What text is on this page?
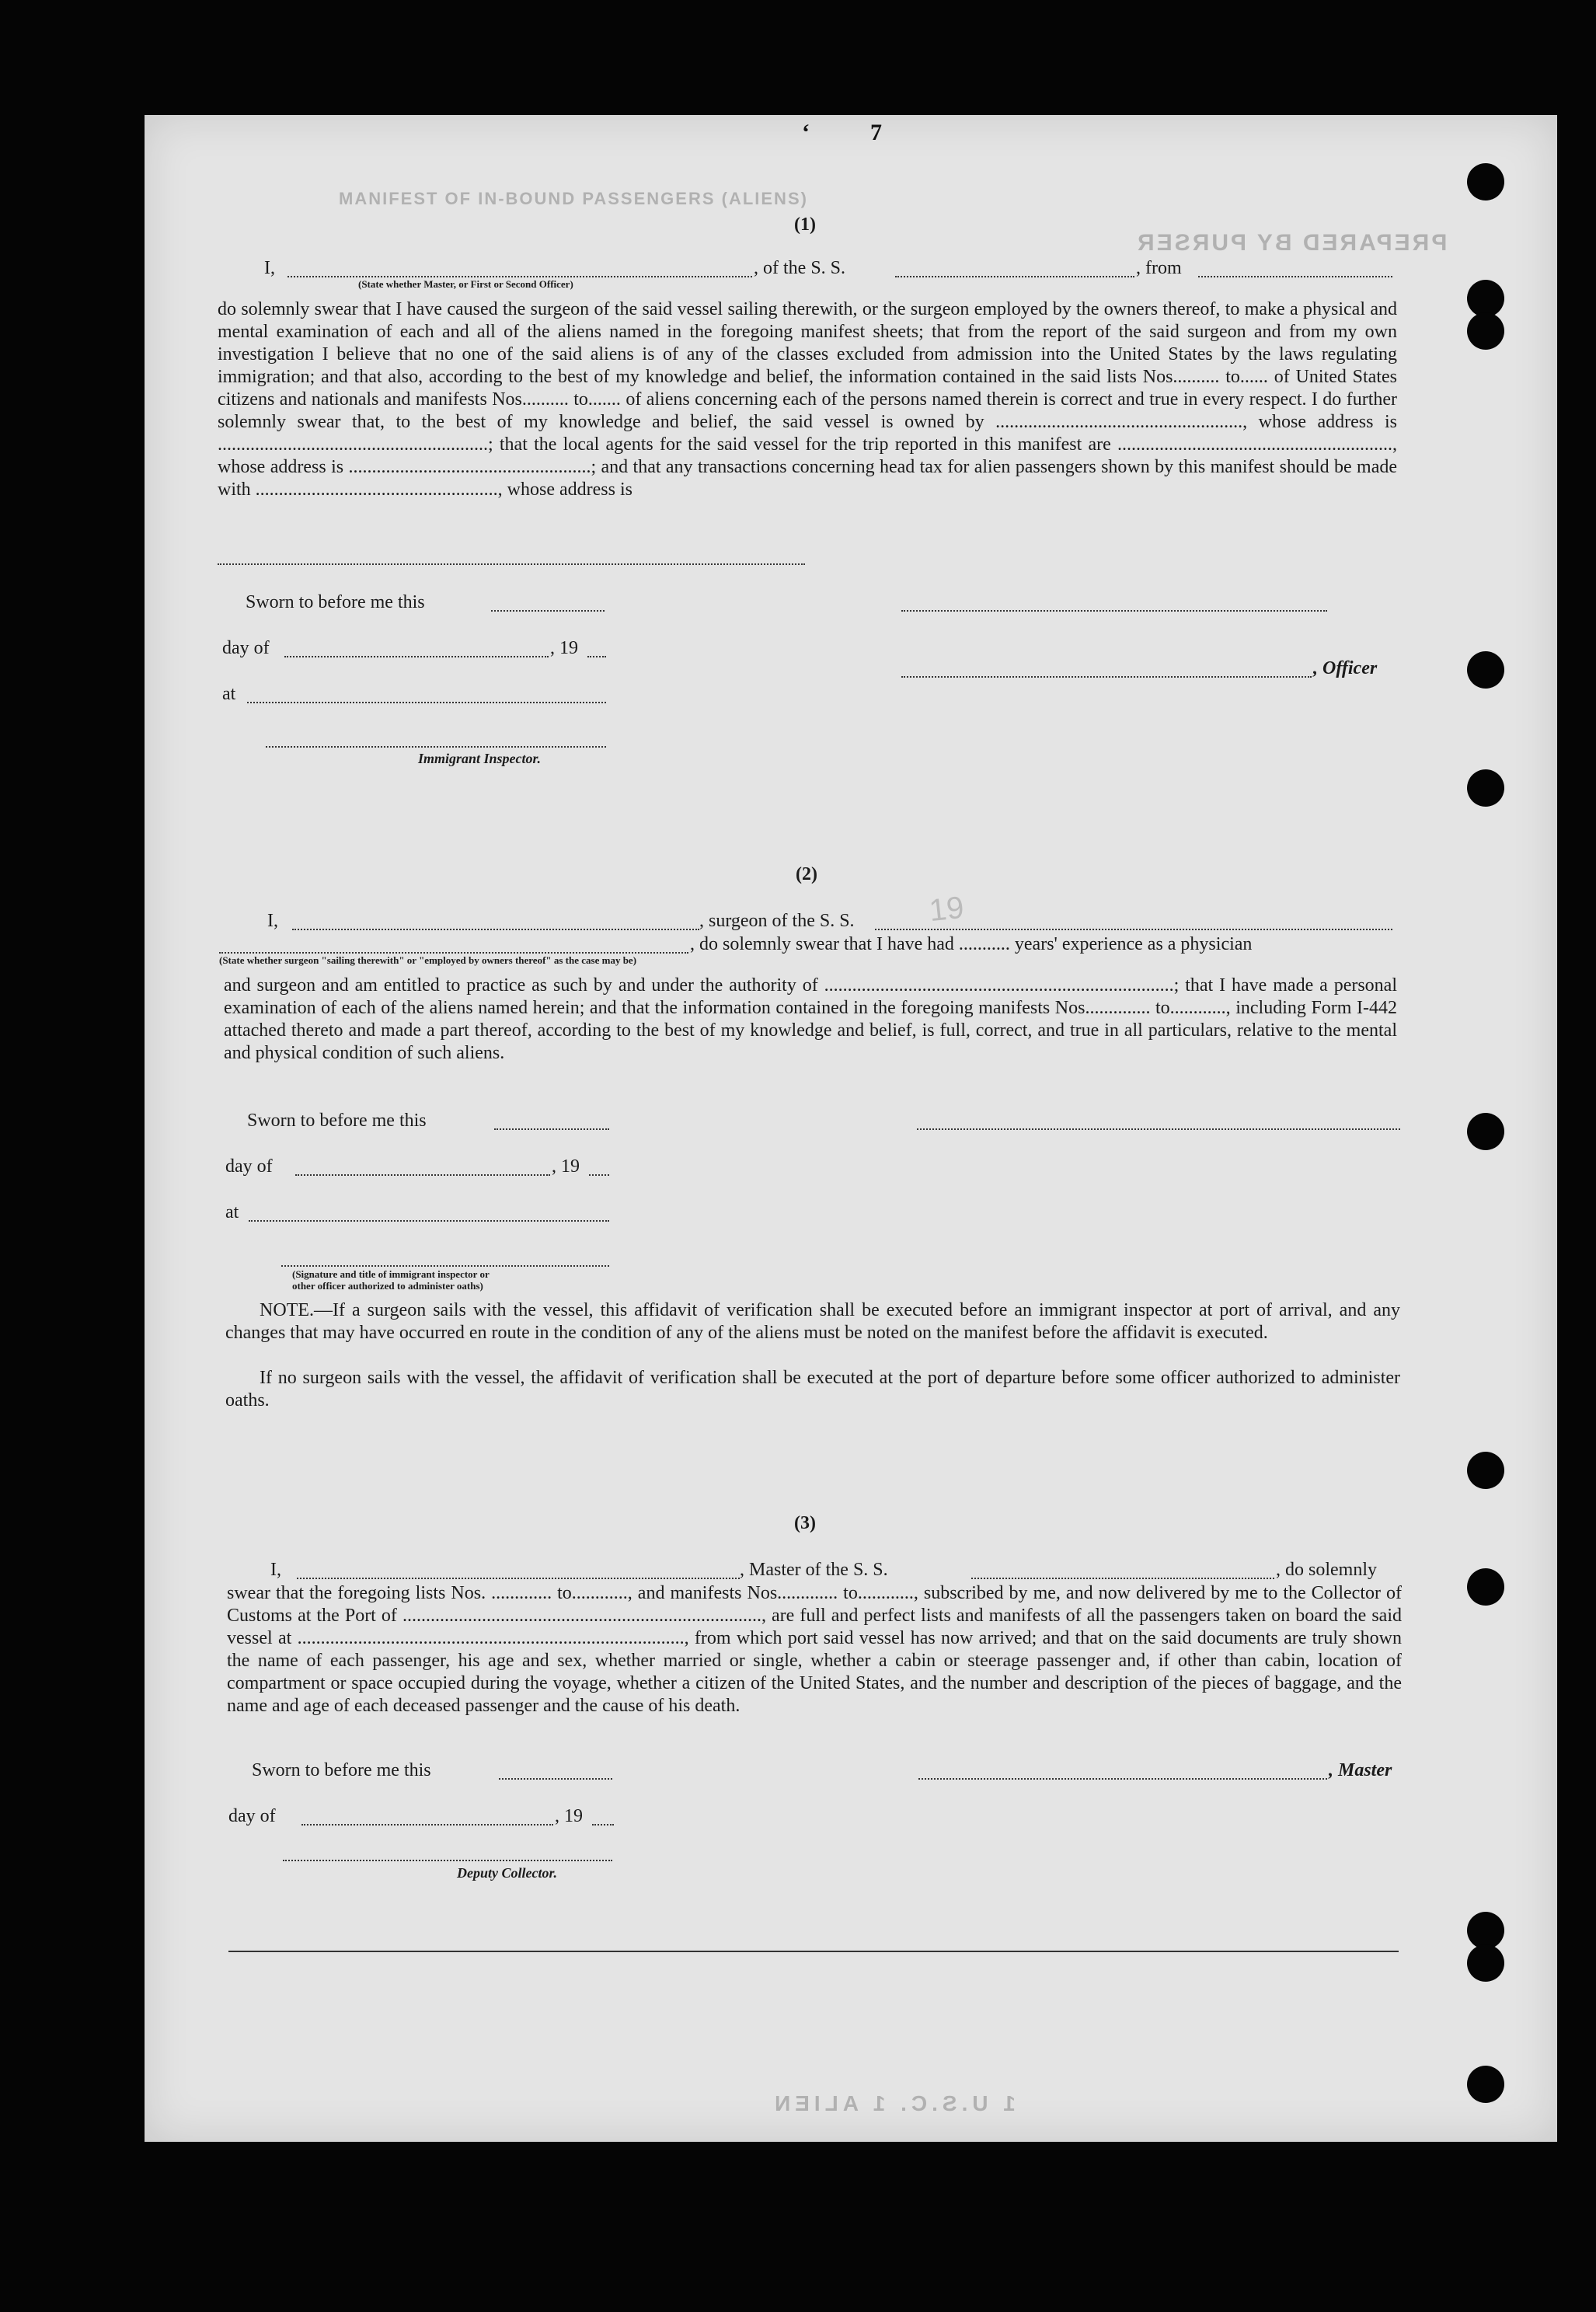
MANIFEST OF IN-BOUND PASSENGERS (ALIENS)
PREPARED BY PURSER
1 U.S.C. 1 ALIEN
‘	7
(1)
I,	, of the S. S.	, from
(State whether Master, or First or Second Officer)
do solemnly swear that I have caused the surgeon of the said vessel sailing therewith, or the surgeon employed by the owners thereof, to make a physical and mental examination of each and all of the aliens named in the foregoing manifest sheets; that from the report of the said surgeon and from my own investigation I believe that no one of the said aliens is of any of the classes excluded from admission into the United States by the laws regulating immigration; and that also, according to the best of my knowledge and belief, the information contained in the said lists Nos.......... to...... of United States citizens and nationals and manifests Nos.......... to....... of aliens concerning each of the persons named therein is correct and true in every respect. I do further solemnly swear that, to the best of my knowledge and belief, the said vessel is owned by ....................................................., whose address is ..........................................................; that the local agents for the said vessel for the trip reported in this manifest are ..........................................................., whose address is ....................................................; and that any transactions concerning head tax for alien passengers shown by this manifest should be made with ...................................................., whose address is
Sworn to before me this
day of	, 19
at
Immigrant Inspector.
, Officer
(2)
19
I,	, surgeon of the S. S.
, do solemnly swear that I have had ........... years' experience as a physician
(State whether surgeon "sailing therewith" or "employed by owners thereof" as the case may be)
and surgeon and am entitled to practice as such by and under the authority of ...........................................................................; that I have made a personal examination of each of the aliens named herein; and that the information contained in the foregoing manifests Nos.............. to............, including Form I-442 attached thereto and made a part thereof, according to the best of my knowledge and belief, is full, correct, and true in all particulars, relative to the mental and physical condition of such aliens.
Sworn to before me this
day of	, 19
at
(Signature and title of immigrant inspector or
other officer authorized to administer oaths)
NOTE.—If a surgeon sails with the vessel, this affidavit of verification shall be executed before an immigrant inspector at port of arrival, and any changes that may have occurred en route in the condition of any of the aliens must be noted on the manifest before the affidavit is executed.
If no surgeon sails with the vessel, the affidavit of verification shall be executed at the port of departure before some officer authorized to administer oaths.
(3)
I,	, Master of the S. S.	, do solemnly
swear that the foregoing lists Nos. ............. to............, and manifests Nos............. to............, subscribed by me, and now delivered by me to the Collector of Customs at the Port of ............................................................................., are full and perfect lists and manifests of all the passengers taken on board the said vessel at ..................................................................................., from which port said vessel has now arrived; and that on the said documents are truly shown the name of each passenger, his age and sex, whether married or single, whether a cabin or steerage passenger and, if other than cabin, location of compartment or space occupied during the voyage, whether a citizen of the United States, and the number and description of the pieces of baggage, and the name and age of each deceased passenger and the cause of his death.
Sworn to before me this
day of	, 19
Deputy Collector.
, Master
